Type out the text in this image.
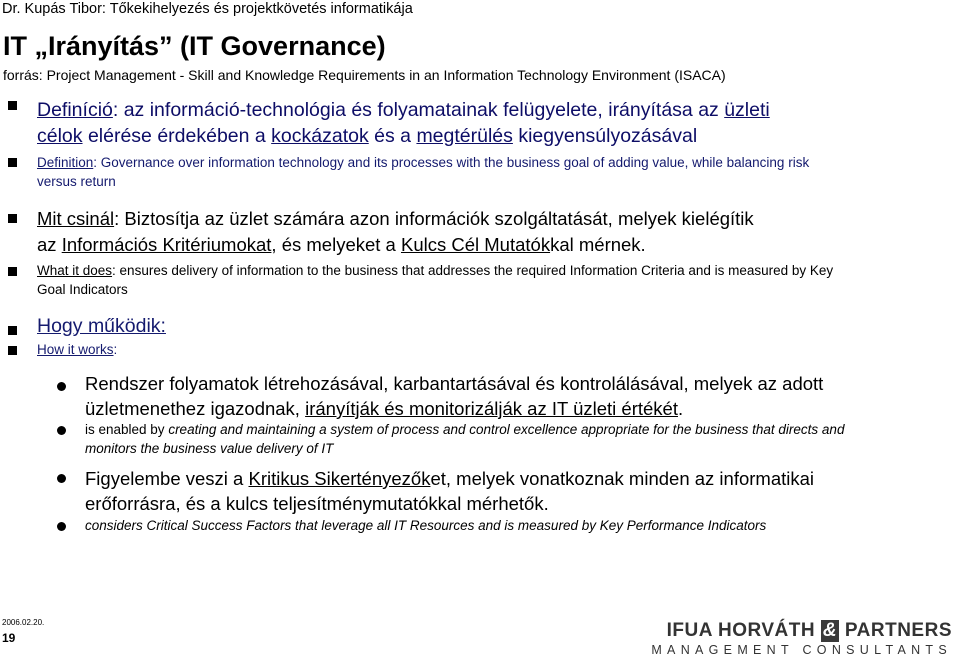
Dr. Kupás Tibor: Tőkekihelyezés és projektkövetés informatikája
IT „Irányítás” (IT Governance)
forrás: Project Management - Skill and Knowledge Requirements in an Information Technology Environment (ISACA)
Definíció: az információ-technológia és folyamatainak felügyelete, irányítása az üzleti
célok elérése érdekében a kockázatok és a megtérülés kiegyensúlyozásával
Definition: Governance over information technology and its processes with the business goal of adding value, while balancing risk
versus return
Mit csinál: Biztosítja az üzlet számára azon információk szolgáltatását, melyek kielégítik
az Információs Kritériumokat, és melyeket a Kulcs Cél Mutatókkal mérnek.
What it does: ensures delivery of information to the business that addresses the required Information Criteria and is measured by Key
Goal Indicators
Hogy működik:
How it works:
Rendszer folyamatok létrehozásával, karbantartásával és kontrolálásával, melyek az adott
üzletmenethez igazodnak, irányítják és monitorizálják az IT üzleti értékét.
is enabled by creating and maintaining a system of process and control excellence appropriate for the business that directs and
monitors the business value delivery of IT
Figyelembe veszi a Kritikus Sikertényezőket, melyek vonatkoznak minden az informatikai
erőforrásra, és a kulcs teljesítménymutatókkal mérhetők.
considers Critical Success Factors that leverage all IT Resources and is measured by Key Performance Indicators
2006.02.20.
19	IFUA HORVÁTH & PARTNERS
MANAGEMENT CONSULTANTS
